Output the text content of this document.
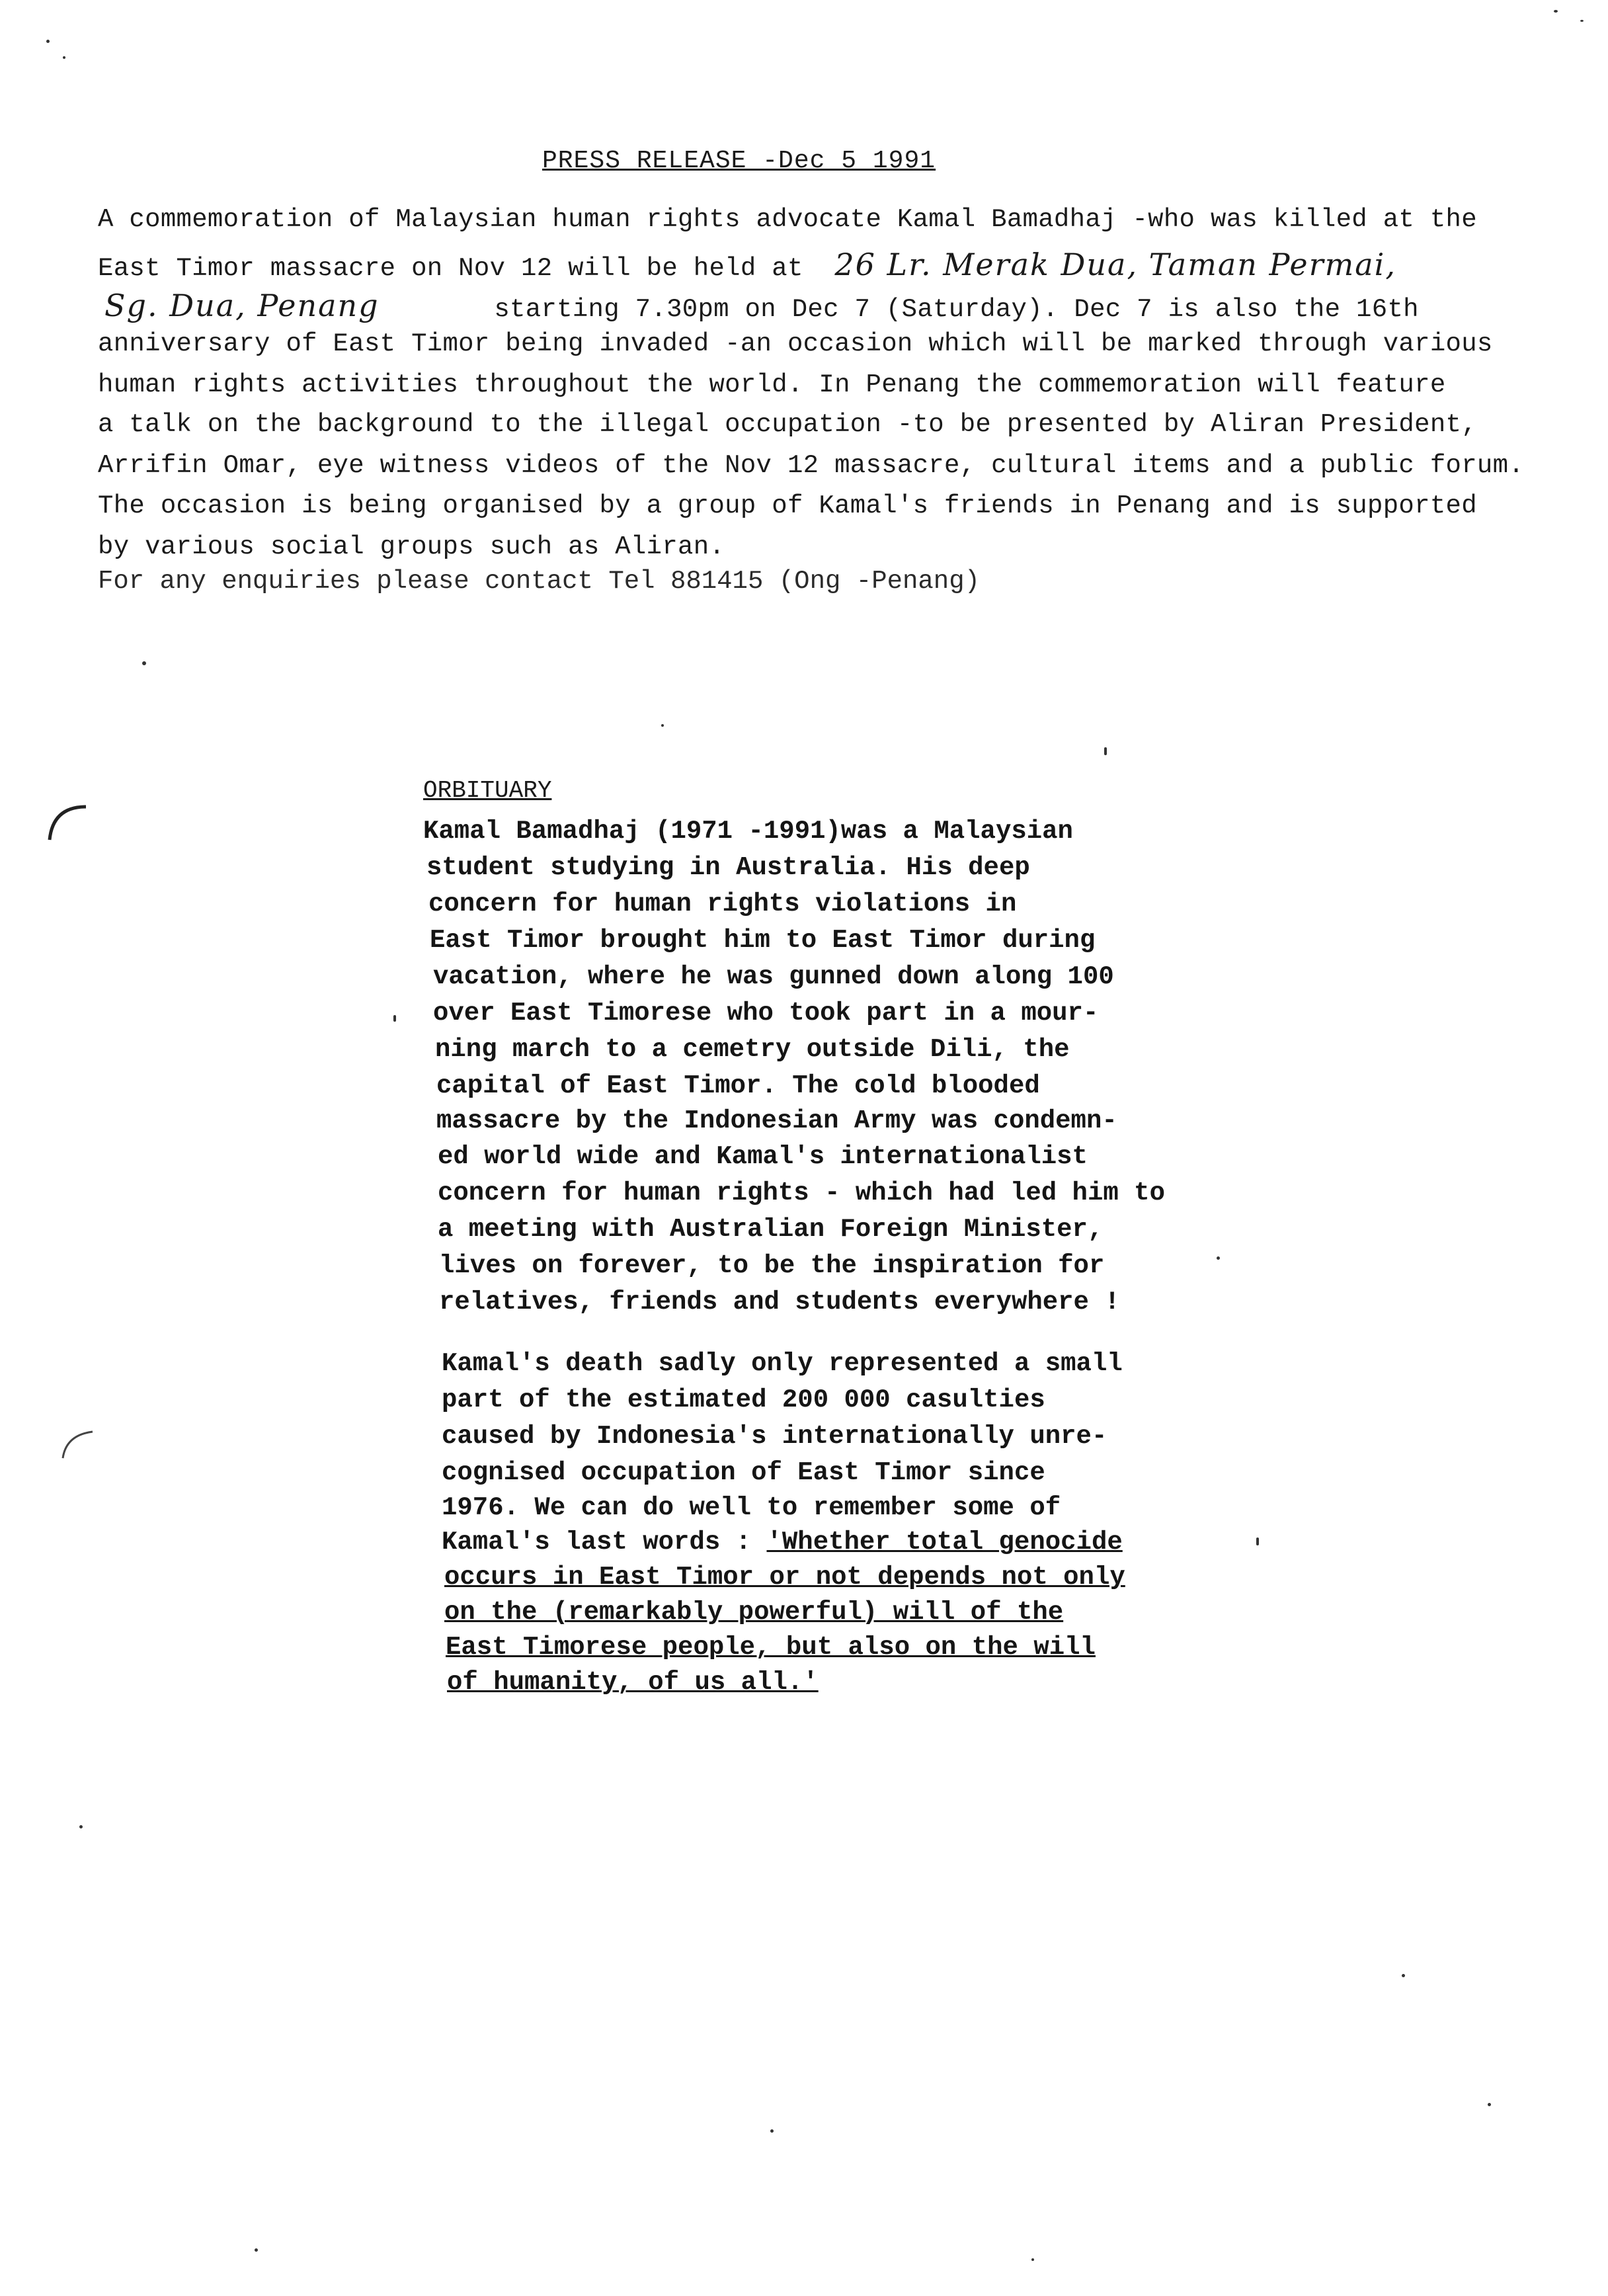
PRESS RELEASE -Dec 5 1991
A commemoration of Malaysian human rights advocate Kamal Bamadhaj -who was killed at the
East Timor massacre on Nov 12 will be held at 26 Lr. Merak Dua, Taman Permai,
Sg. Dua, Penang	starting 7.30pm on Dec 7 (Saturday). Dec 7 is also the 16th
anniversary of East Timor being invaded -an occasion which will be marked through various
human rights activities throughout the world. In Penang the commemoration will feature
a talk on the background to the illegal occupation -to be presented by Aliran President,
Arrifin Omar, eye witness videos of the Nov 12 massacre, cultural items and a public forum.
The occasion is being organised by a group of Kamal's friends in Penang and is supported
by various social groups such as Aliran.
For any enquiries please contact Tel 881415 (Ong -Penang)
ORBITUARY
Kamal Bamadhaj (1971 -1991)was a Malaysian
student studying in Australia. His deep
concern for human rights violations in
East Timor brought him to East Timor during
vacation, where he was gunned down along 100
over East Timorese who took part in a mour-
ning march to a cemetry outside Dili, the
capital of East Timor. The cold blooded
massacre by the Indonesian Army was condemn-
ed world wide and Kamal's internationalist
concern for human rights - which had led him to
a meeting with Australian Foreign Minister,
lives on forever, to be the inspiration for
relatives, friends and students everywhere !
Kamal's death sadly only represented a small
part of the estimated 200 000 casulties
caused by Indonesia's internationally unre-
cognised occupation of East Timor since
1976. We can do well to remember some of
Kamal's last words : 'Whether total genocide
occurs in East Timor or not depends not only
on the (remarkably powerful) will of the
East Timorese people, but also on the will
of humanity, of us all.'
